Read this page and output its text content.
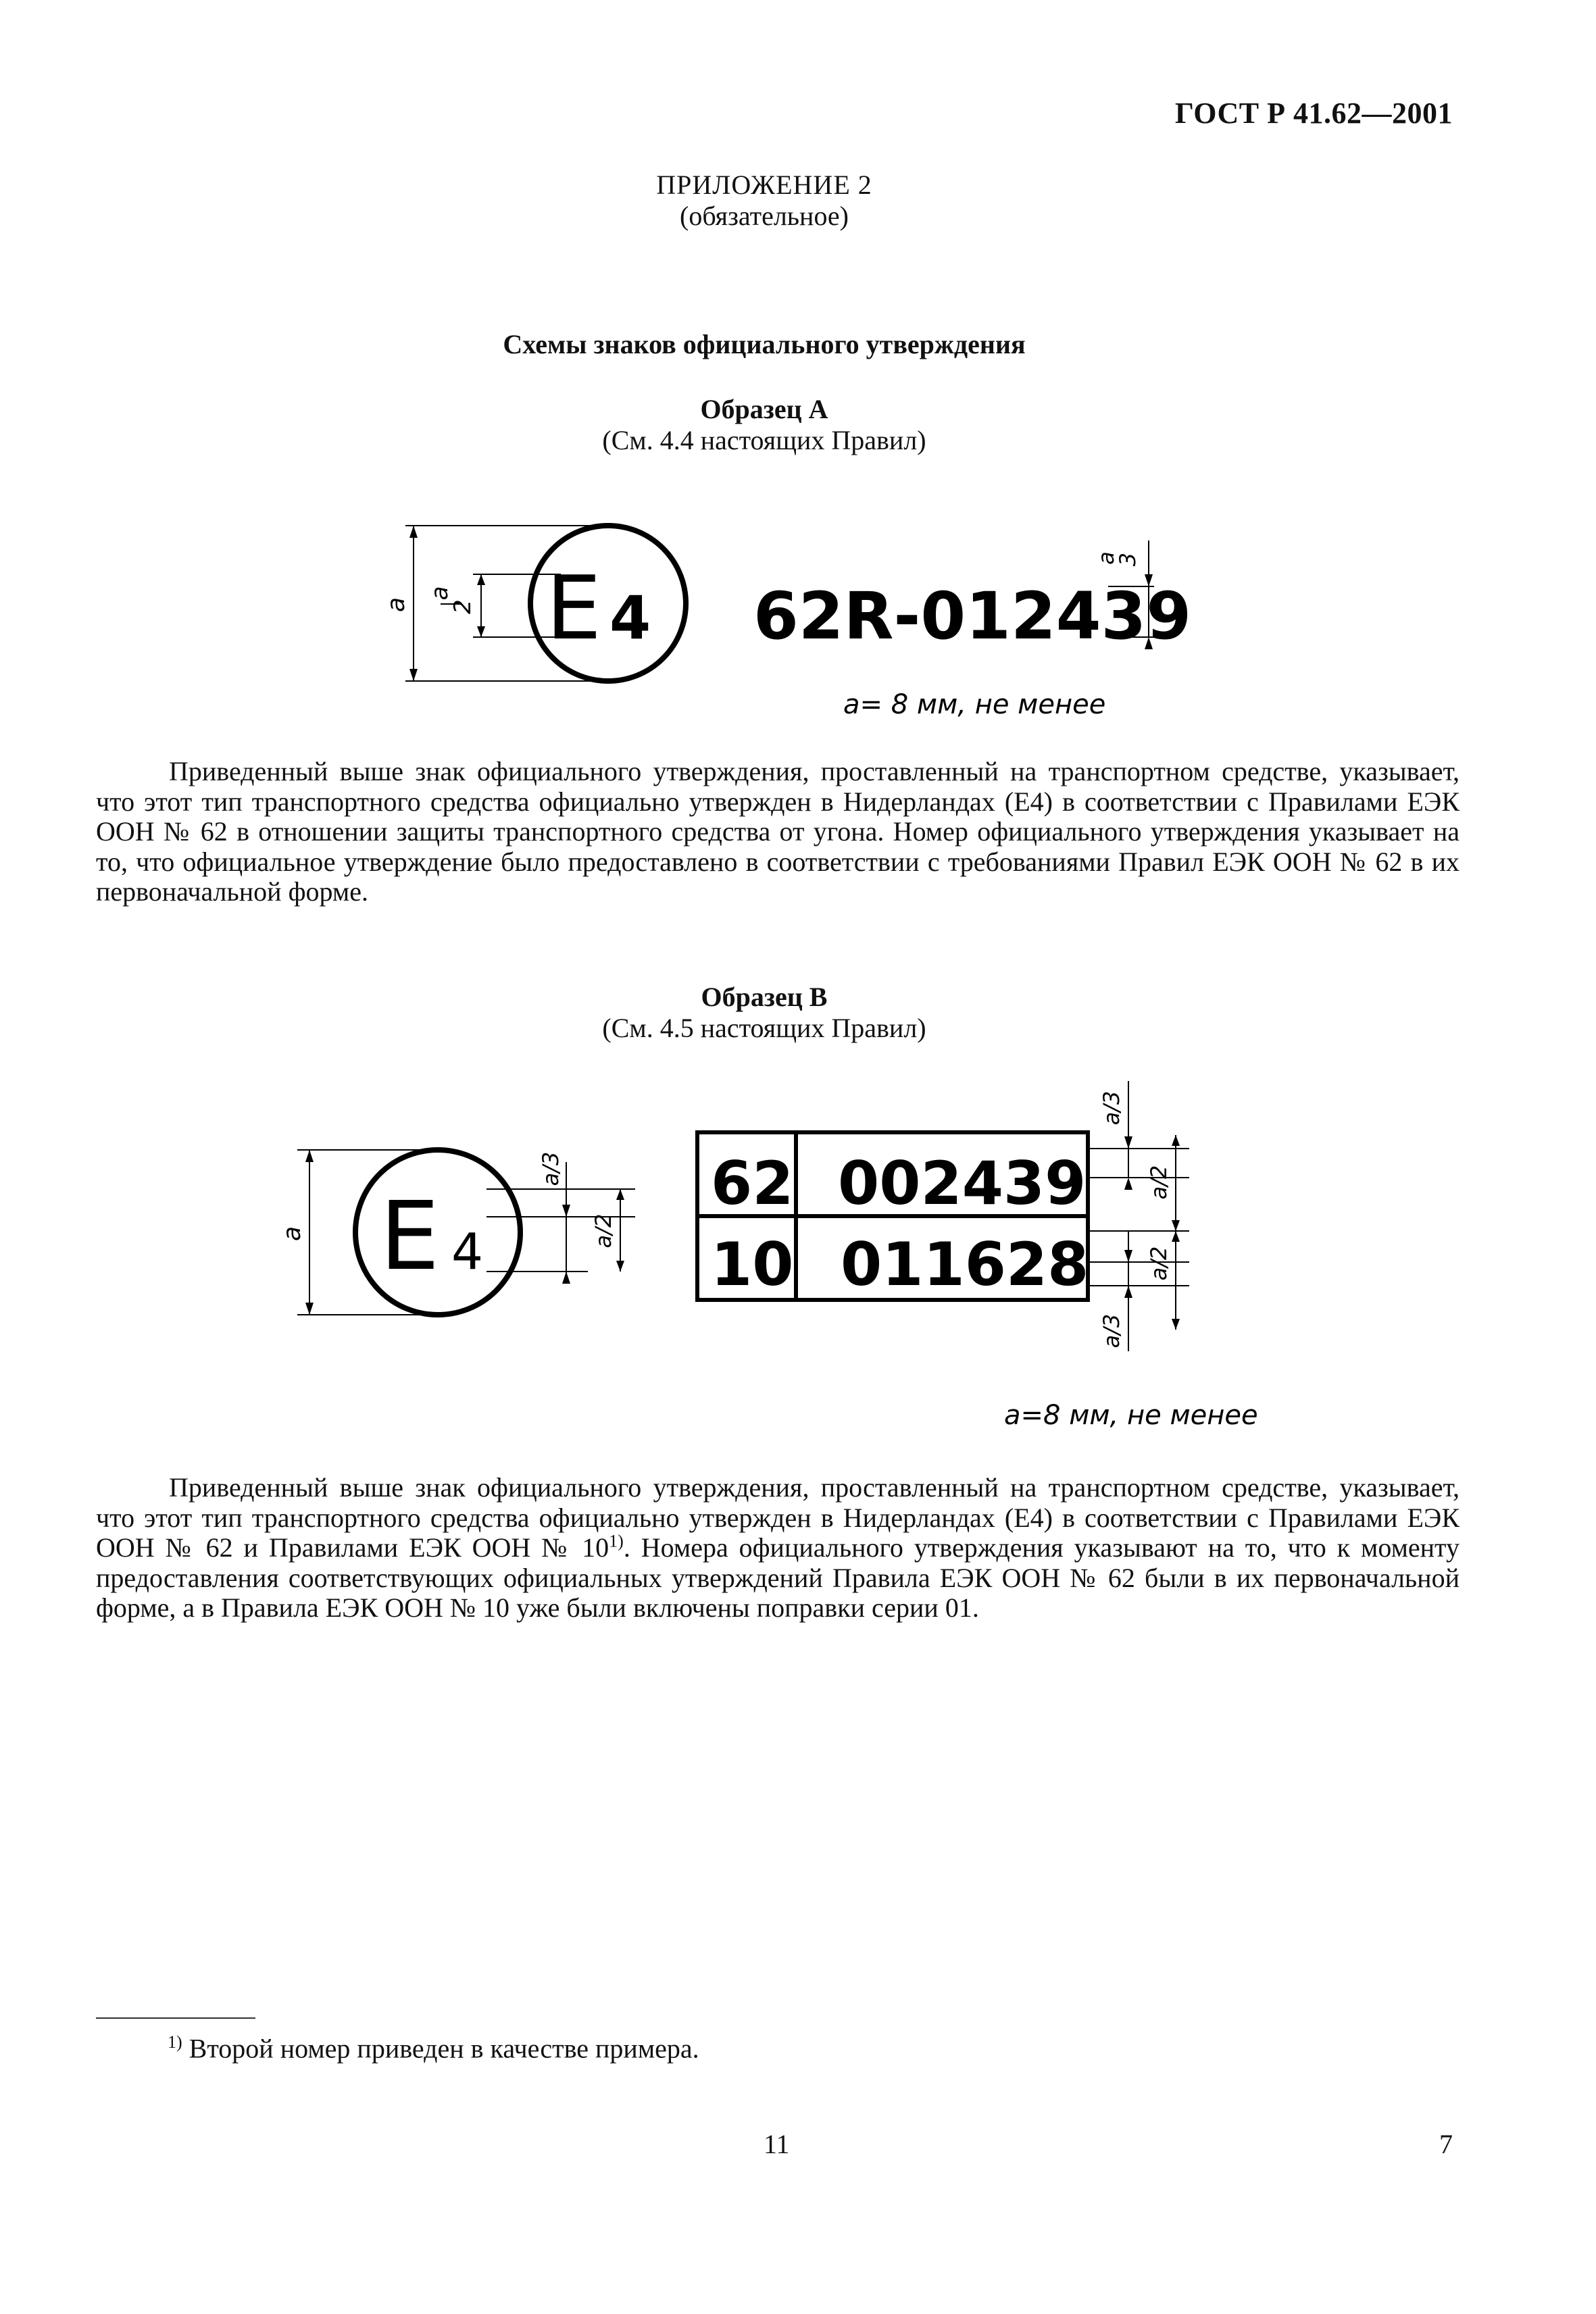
ГОСТ Р 41.62—2001
ПРИЛОЖЕНИЕ 2
(обязательное)
Схемы знаков официального утверждения
Образец А
(См. 4.4 настоящих Правил)
E 4 62R-012439
a
a
2
a
3
a= 8 мм, не менее
Приведенный выше знак официального утверждения, проставленный на транспортном средстве, указывает, что этот тип транспортного средства официально утвержден в Нидерландах (Е4) в соответствии с Правилами ЕЭК ООН № 62 в отношении защиты транспортного средства от угона. Номер официального утверждения указывает на то, что официальное утверждение было предоставлено в соответствии с требованиями Правил ЕЭК ООН № 62 в их первоначальной форме.
Образец В
(См. 4.5 настоящих Правил)
E 4
62 002439
10 011628
a
a/3
a/2
a/3
a/2
a/2
a/3
a=8 мм, не менее
Приведенный выше знак официального утверждения, проставленный на транспортном средстве, указывает, что этот тип транспортного средства официально утвержден в Нидерландах (Е4) в соответствии с Правилами ЕЭК ООН № 62 и Правилами ЕЭК ООН № 10$^{1)}$. Номера официального утверждения указывают на то, что к моменту предоставления соответствующих официальных утверждений Правила ЕЭК ООН № 62 были в их первоначальной форме, а в Правила ЕЭК ООН № 10 уже были включены поправки серии 01.
$^{1)}$ Второй номер приведен в качестве примера.
11	7
